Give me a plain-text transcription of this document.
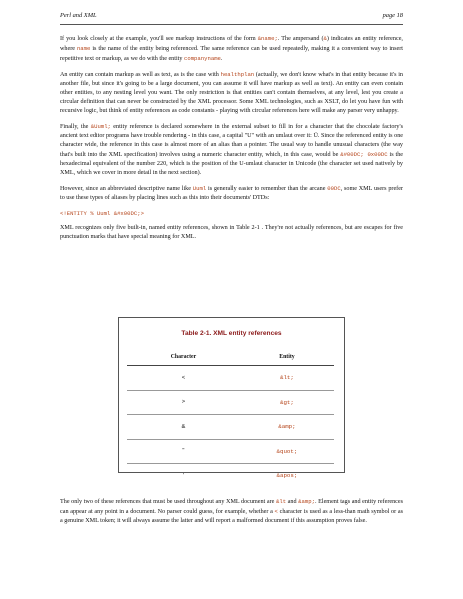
Perl and XML	page 18

If you look closely at the example, you'll see markup instructions of the form &name;. The ampersand (&) indicates an entity reference, where name is the name of the entity being referenced. The same reference can be used repeatedly, making it a convenient way to insert repetitive text or markup, as we do with the entity companyname.

An entity can contain markup as well as text, as is the case with healthplan (actually, we don't know what's in that entity because it's in another file, but since it's going to be a large document, you can assume it will have markup as well as text). An entity can even contain other entities, to any nesting level you want. The only restriction is that entities can't contain themselves, at any level, lest you create a circular definition that can never be constructed by the XML processor. Some XML technologies, such as XSLT, do let you have fun with recursive logic, but think of entity references as code constants - playing with circular references here will make any parser very unhappy.

Finally, the &Uuml; entity reference is declared somewhere in the external subset to fill in for a character that the chocolate factory's ancient text editor programs have trouble rendering - in this case, a capital "U" with an umlaut over it: Ü. Since the referenced entity is one character wide, the reference in this case is almost more of an alias than a pointer. The usual way to handle unusual characters (the way that's built into the XML specification) involves using a numeric character entity, which, in this case, would be &#00DC; 0x00DC is the hexadecimal equivalent of the number 220, which is the position of the U-umlaut character in Unicode (the character set used natively by XML, which we cover in more detail in the next section).

However, since an abbreviated descriptive name like Uuml is generally easier to remember than the arcane 00DC, some XML users prefer to use these types of aliases by placing lines such as this into their documents' DTDs:

<!ENTITY % Uuml &#x00DC;>

XML recognizes only five built-in, named entity references, shown in Table 2-1 . They're not actually references, but are escapes for five punctuation marks that have special meaning for XML.

Table 2-1. XML entity references
Character	Entity
<	&lt;
>	&gt;
&	&amp;
"	&quot;
'	&apos;

The only two of these references that must be used throughout any XML document are &lt and &amp;. Element tags and entity references can appear at any point in a document. No parser could guess, for example, whether a < character is used as a less-than math symbol or as a genuine XML token; it will always assume the latter and will report a malformed document if this assumption proves false.
